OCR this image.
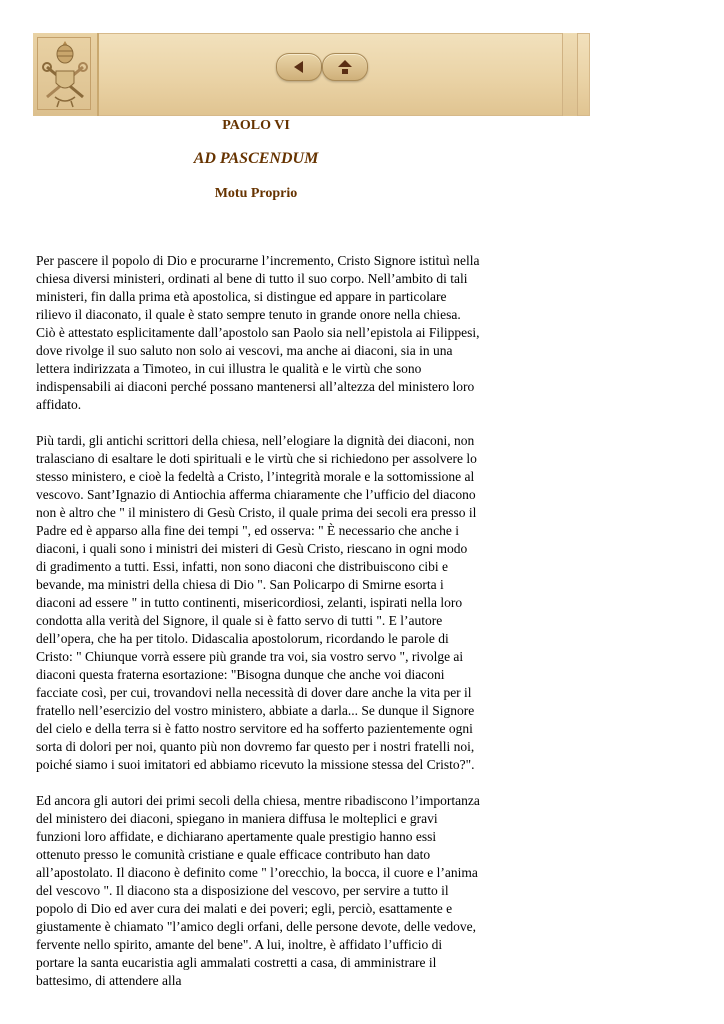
PAOLO VI
AD PASCENDUM
Motu Proprio

Per pascere il popolo di Dio e procurarne l’incremento, Cristo Signore istituì nella chiesa diversi ministeri, ordinati al bene di tutto il suo corpo. Nell’ambito di tali ministeri, fin dalla prima età apostolica, si distingue ed appare in particolare rilievo il diaconato, il quale è stato sempre tenuto in grande onore nella chiesa. Ciò è attestato esplicitamente dall’apostolo san Paolo sia nell’epistola ai Filippesi, dove rivolge il suo saluto non solo ai vescovi, ma anche ai diaconi, sia in una lettera indirizzata a Timoteo, in cui illustra le qualità e le virtù che sono indispensabili ai diaconi perché possano mantenersi all’altezza del ministero loro affidato.

Più tardi, gli antichi scrittori della chiesa, nell’elogiare la dignità dei diaconi, non tralasciano di esaltare le doti spirituali e le virtù che si richiedono per assolvere lo stesso ministero, e cioè la fedeltà a Cristo, l’integrità morale e la sottomissione al vescovo. Sant’Ignazio di Antiochia afferma chiaramente che l’ufficio del diacono non è altro che " il ministero di Gesù Cristo, il quale prima dei secoli era presso il Padre ed è apparso alla fine dei tempi ", ed osserva: " È necessario che anche i diaconi, i quali sono i ministri dei misteri di Gesù Cristo, riescano in ogni modo di gradimento a tutti. Essi, infatti, non sono diaconi che distribuiscono cibi e bevande, ma ministri della chiesa di Dio ". San Policarpo di Smirne esorta i diaconi ad essere " in tutto continenti, misericordiosi, zelanti, ispirati nella loro condotta alla verità del Signore, il quale si è fatto servo di tutti ". E l’autore dell’opera, che ha per titolo. Didascalia apostolorum, ricordando le parole di Cristo: " Chiunque vorrà essere più grande tra voi, sia vostro servo ", rivolge ai diaconi questa fraterna esortazione: "Bisogna dunque che anche voi diaconi facciate così, per cui, trovandovi nella necessità di dover dare anche la vita per il fratello nell’esercizio del vostro ministero, abbiate a darla... Se dunque il Signore del cielo e della terra si è fatto nostro servitore ed ha sofferto pazientemente ogni sorta di dolori per noi, quanto più non dovremo far questo per i nostri fratelli noi, poiché siamo i suoi imitatori ed abbiamo ricevuto la missione stessa del Cristo?".

Ed ancora gli autori dei primi secoli della chiesa, mentre ribadiscono l’importanza del ministero dei diaconi, spiegano in maniera diffusa le molteplici e gravi funzioni loro affidate, e dichiarano apertamente quale prestigio hanno essi ottenuto presso le comunità cristiane e quale efficace contributo han dato all’apostolato. Il diacono è definito come " l’orecchio, la bocca, il cuore e l’anima del vescovo ". Il diacono sta a disposizione del vescovo, per servire a tutto il popolo di Dio ed aver cura dei malati e dei poveri; egli, perciò, esattamente e giustamente è chiamato "l’amico degli orfani, delle persone devote, delle vedove, fervente nello spirito, amante del bene". A lui, inoltre, è affidato l’ufficio di portare la santa eucaristia agli ammalati costretti a casa, di amministrare il battesimo, di attendere alla
